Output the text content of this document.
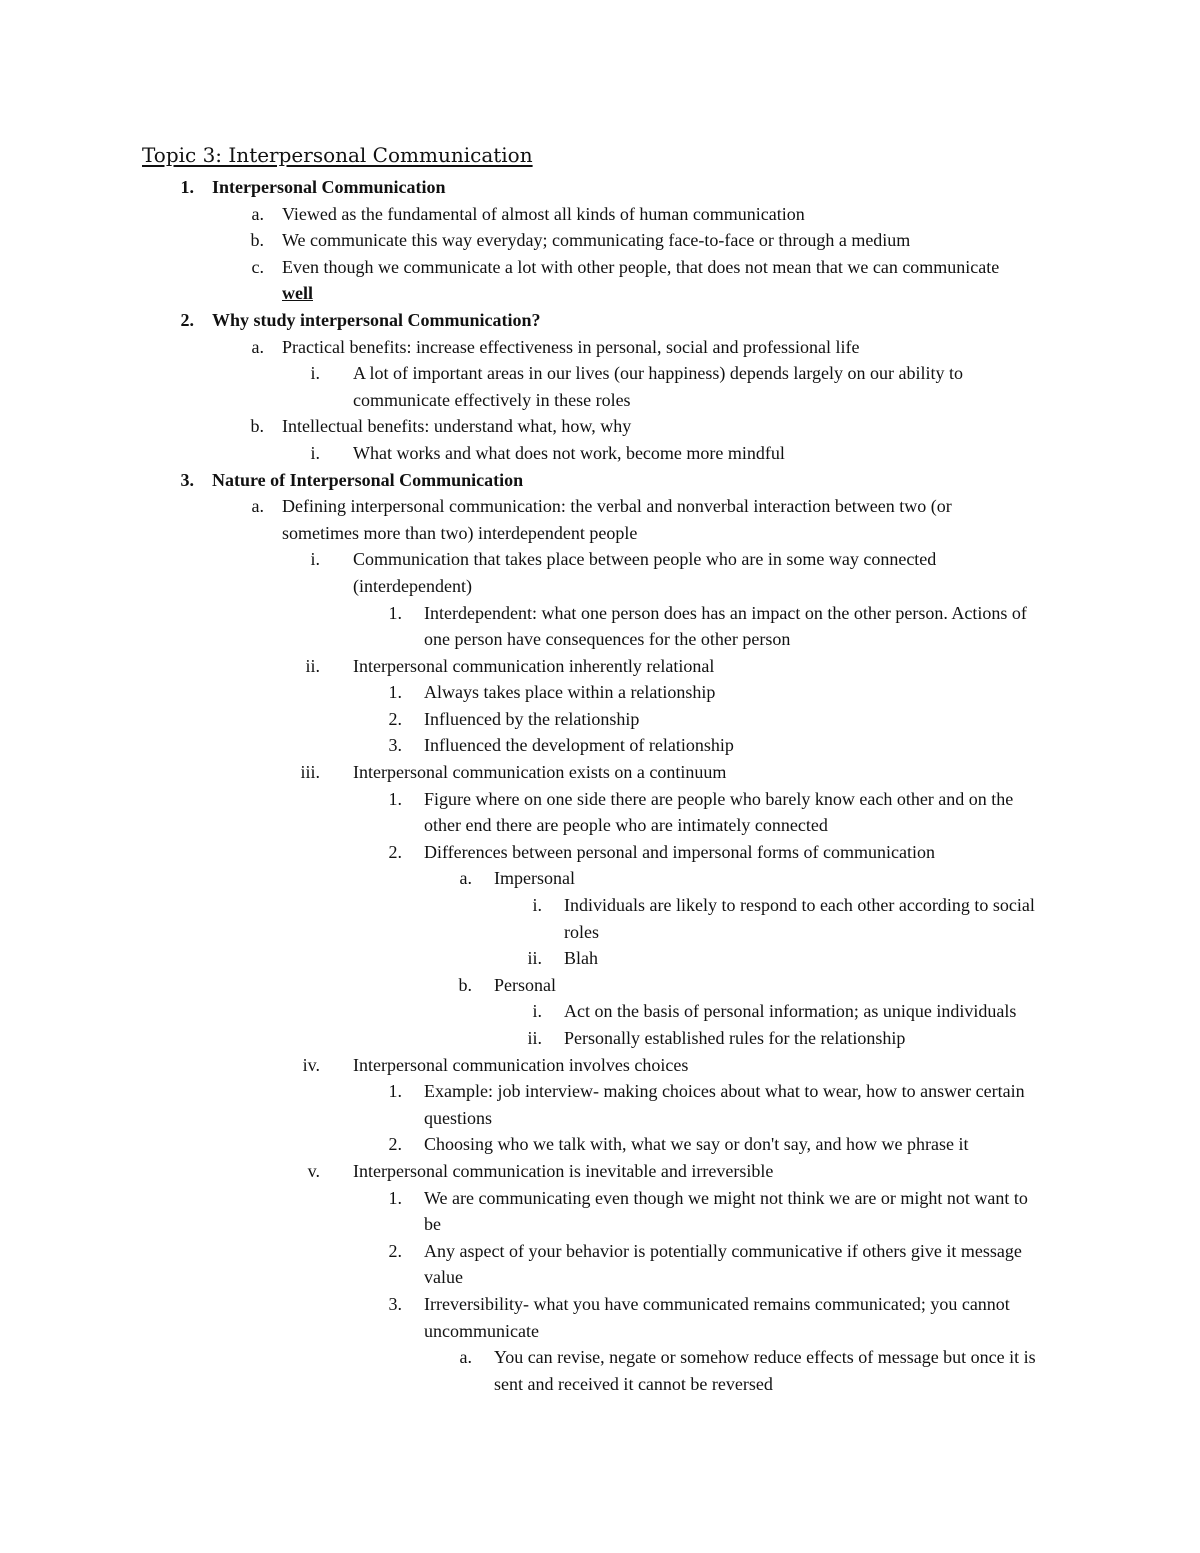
Topic 3: Interpersonal Communication
1. Interpersonal Communication
a. Viewed as the fundamental of almost all kinds of human communication
b. We communicate this way everyday; communicating face-to-face or through a medium
c. Even though we communicate a lot with other people, that does not mean that we can communicate well
2. Why study interpersonal Communication?
a. Practical benefits: increase effectiveness in personal, social and professional life
i. A lot of important areas in our lives (our happiness) depends largely on our ability to communicate effectively in these roles
b. Intellectual benefits: understand what, how, why
i. What works and what does not work, become more mindful
3. Nature of Interpersonal Communication
a. Defining interpersonal communication: the verbal and nonverbal interaction between two (or sometimes more than two) interdependent people
i. Communication that takes place between people who are in some way connected (interdependent)
1. Interdependent: what one person does has an impact on the other person. Actions of one person have consequences for the other person
ii. Interpersonal communication inherently relational
1. Always takes place within a relationship
2. Influenced by the relationship
3. Influenced the development of relationship
iii. Interpersonal communication exists on a continuum
1. Figure where on one side there are people who barely know each other and on the other end there are people who are intimately connected
2. Differences between personal and impersonal forms of communication
a. Impersonal
i. Individuals are likely to respond to each other according to social roles
ii. Blah
b. Personal
i. Act on the basis of personal information; as unique individuals
ii. Personally established rules for the relationship
iv. Interpersonal communication involves choices
1. Example: job interview- making choices about what to wear, how to answer certain questions
2. Choosing who we talk with, what we say or don't say, and how we phrase it
v. Interpersonal communication is inevitable and irreversible
1. We are communicating even though we might not think we are or might not want to be
2. Any aspect of your behavior is potentially communicative if others give it message value
3. Irreversibility- what you have communicated remains communicated; you cannot uncommunicate
a. You can revise, negate or somehow reduce effects of message but once it is sent and received it cannot be reversed
